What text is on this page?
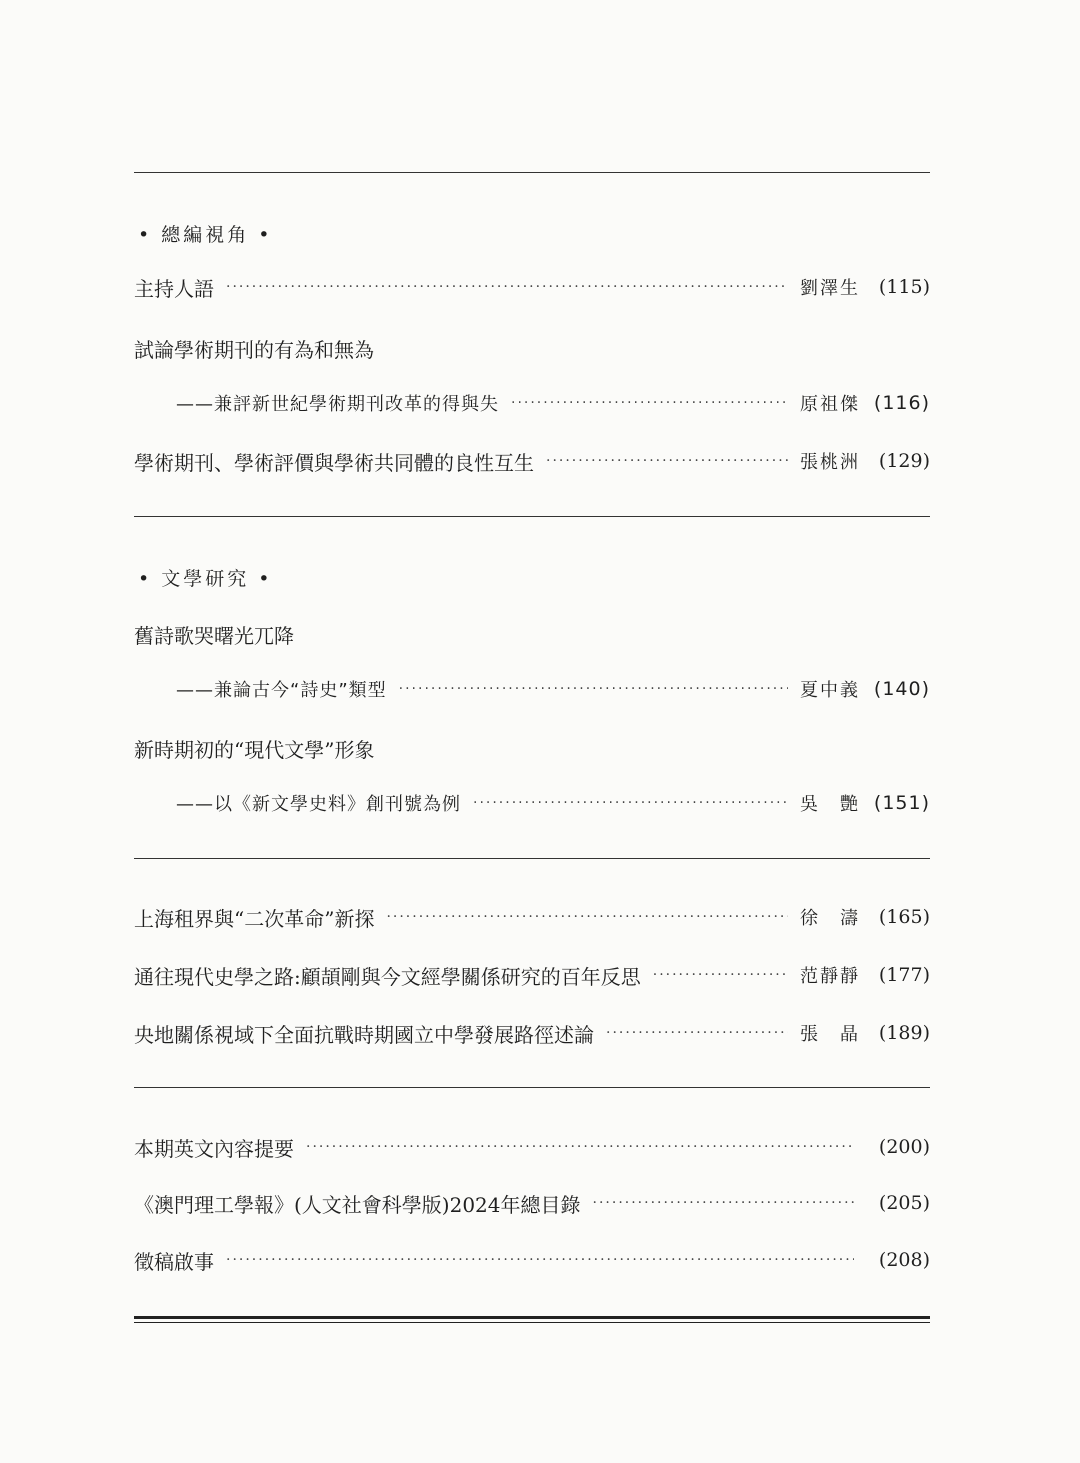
• 總編視角 •
主持人語
·····	劉澤生 (115)
試論學術期刊的有為和無為
——兼評新世紀學術期刊改革的得與失
·····	原祖傑 (116)
學術期刊、學術評價與學術共同體的良性互生
·····	張桃洲 (129)
• 文學研究 •
舊詩歌哭曙光兀降
——兼論古今“詩史”類型
·····	夏中義 (140)
新時期初的“現代文學”形象
——以《新文學史料》創刊號為例
·····	吳　艷 (151)
上海租界與“二次革命”新探
·····	徐　濤 (165)
通往現代史學之路:顧頡剛與今文經學關係研究的百年反思
·····	范靜靜 (177)
央地關係視域下全面抗戰時期國立中學發展路徑述論
·····	張　晶 (189)
本期英文內容提要 ·····	(200)
《澳門理工學報》(人文社會科學版)2024年總目錄 ·····	(205)
徵稿啟事 ·····	(208)
